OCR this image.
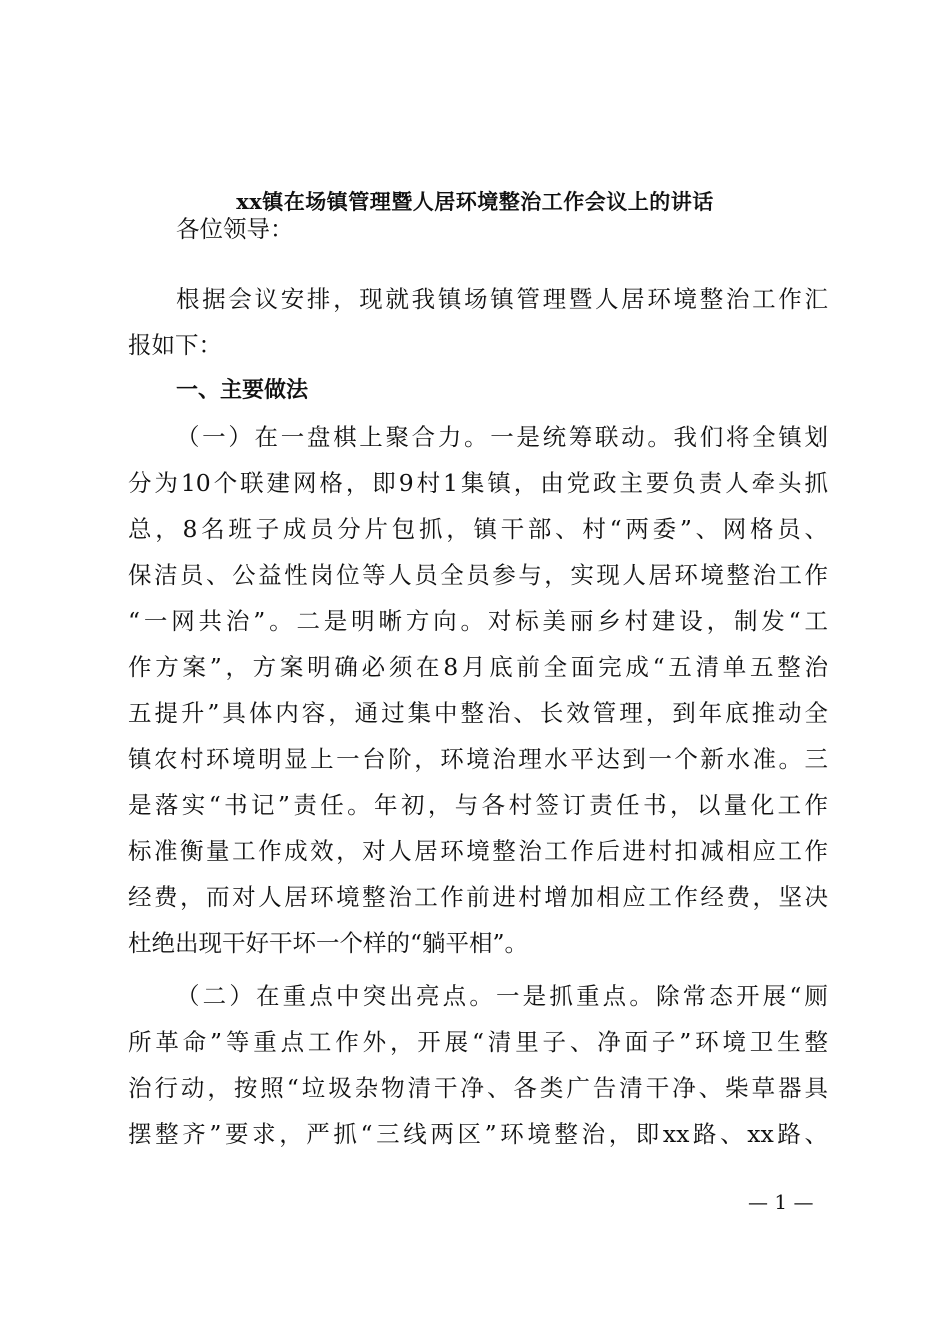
xx镇在场镇管理暨人居环境整治工作会议上的讲话
各位领导：
根据会议安排，现就我镇场镇管理暨人居环境整治工作汇
报如下：
一、主要做法
（一）在一盘棋上聚合力。一是统筹联动。我们将全镇划
分为10个联建网格，即9村1集镇，由党政主要负责人牵头抓
总，8名班子成员分片包抓，镇干部、村“两委”、网格员、
保洁员、公益性岗位等人员全员参与，实现人居环境整治工作
“一网共治”。二是明晰方向。对标美丽乡村建设，制发“工
作方案”，方案明确必须在8月底前全面完成“五清单五整治
五提升”具体内容，通过集中整治、长效管理，到年底推动全
镇农村环境明显上一台阶，环境治理水平达到一个新水准。三
是落实“书记”责任。年初，与各村签订责任书，以量化工作
标准衡量工作成效，对人居环境整治工作后进村扣减相应工作
经费，而对人居环境整治工作前进村增加相应工作经费，坚决
杜绝出现干好干坏一个样的“躺平相”。
（二）在重点中突出亮点。一是抓重点。除常态开展“厕
所革命”等重点工作外，开展“清里子、净面子”环境卫生整
治行动，按照“垃圾杂物清干净、各类广告清干净、柴草器具
摆整齐”要求，严抓“三线两区”环境整治，即xx路、xx路、
— 1 —
